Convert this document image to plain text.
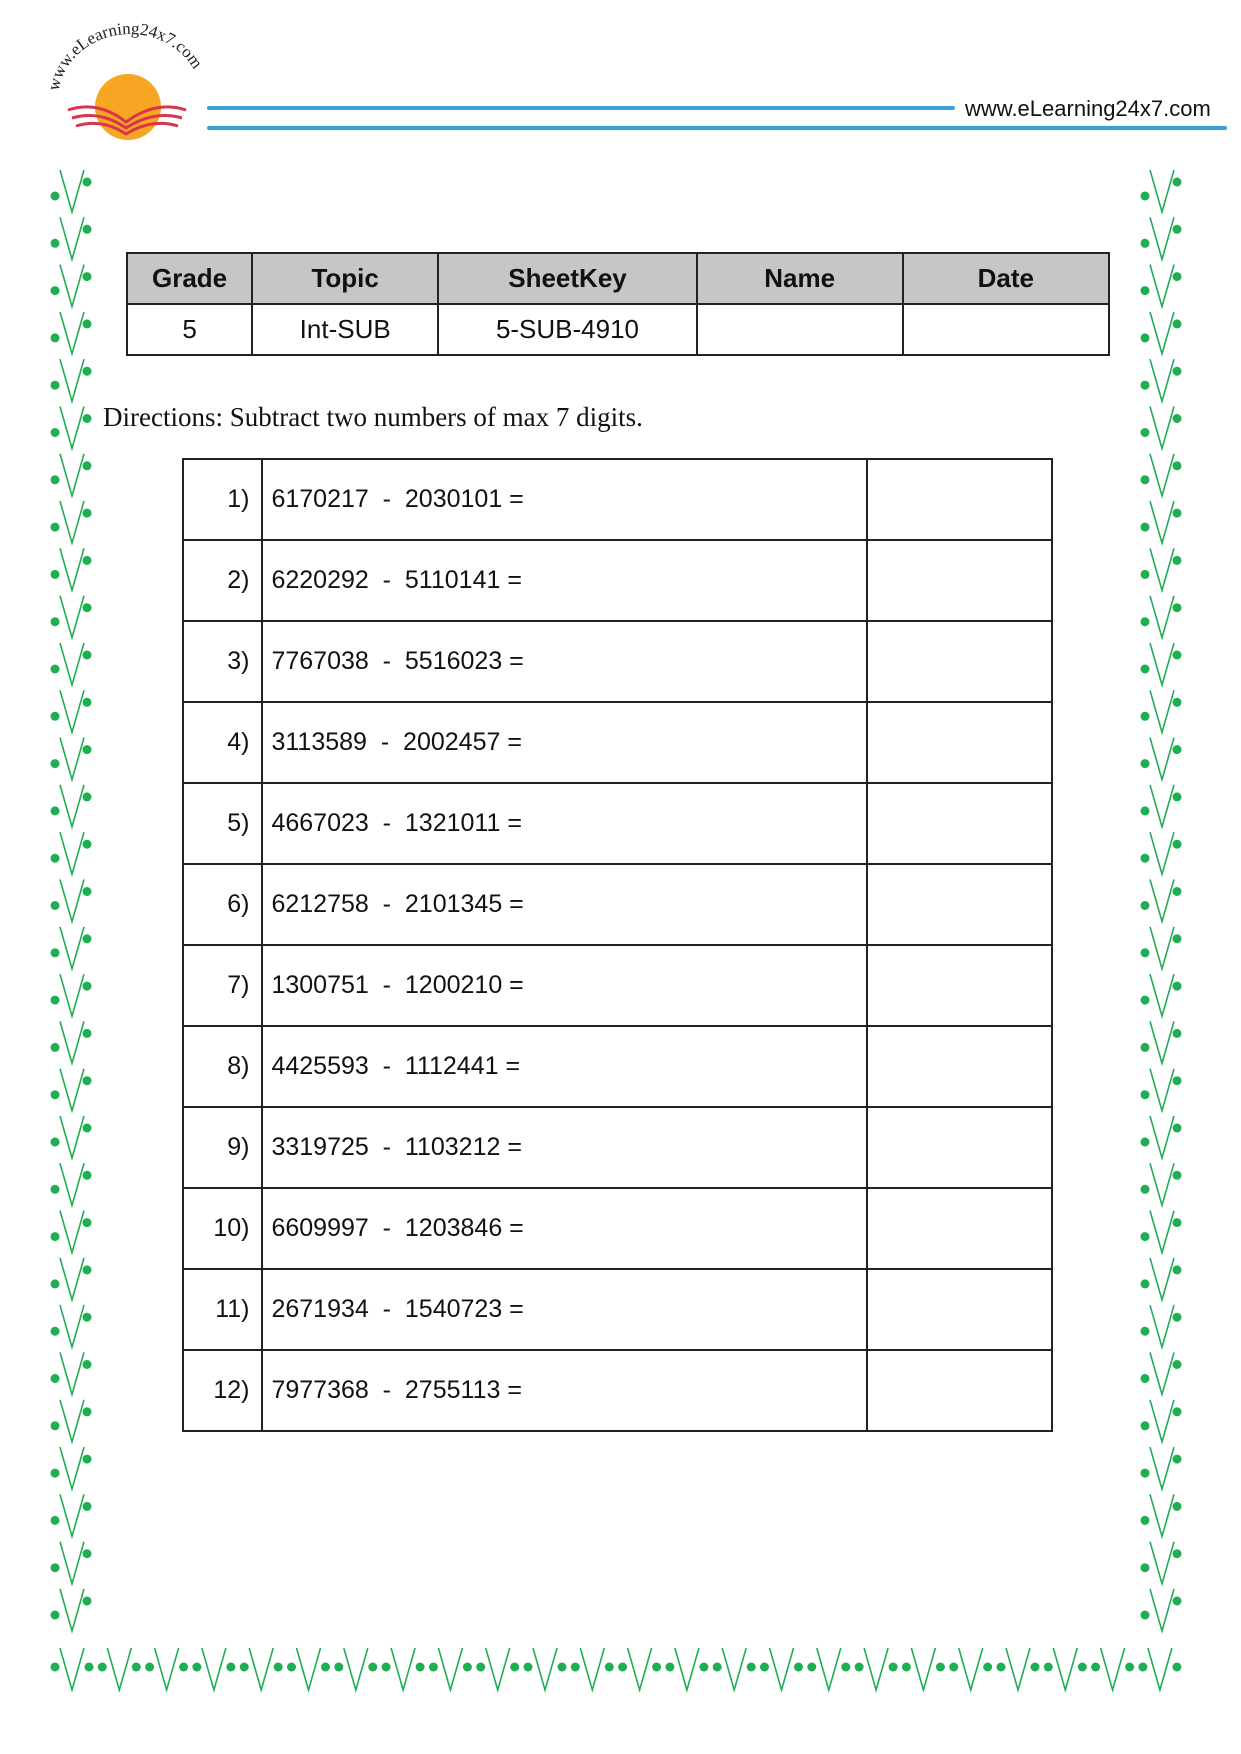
www.eLearning24x7.com
www.eLearning24x7.com
Grade	Topic	SheetKey	Name	Date
5	Int-SUB	5-SUB-4910		
Directions: Subtract two numbers of max 7 digits.
1)	6170217  -  2030101 =	
2)	6220292  -  5110141 =	
3)	7767038  -  5516023 =	
4)	3113589  -  2002457 =	
5)	4667023  -  1321011 =	
6)	6212758  -  2101345 =	
7)	1300751  -  1200210 =	
8)	4425593  -  1112441 =	
9)	3319725  -  1103212 =	
10)	6609997  -  1203846 =	
11)	2671934  -  1540723 =	
12)	7977368  -  2755113 =	
